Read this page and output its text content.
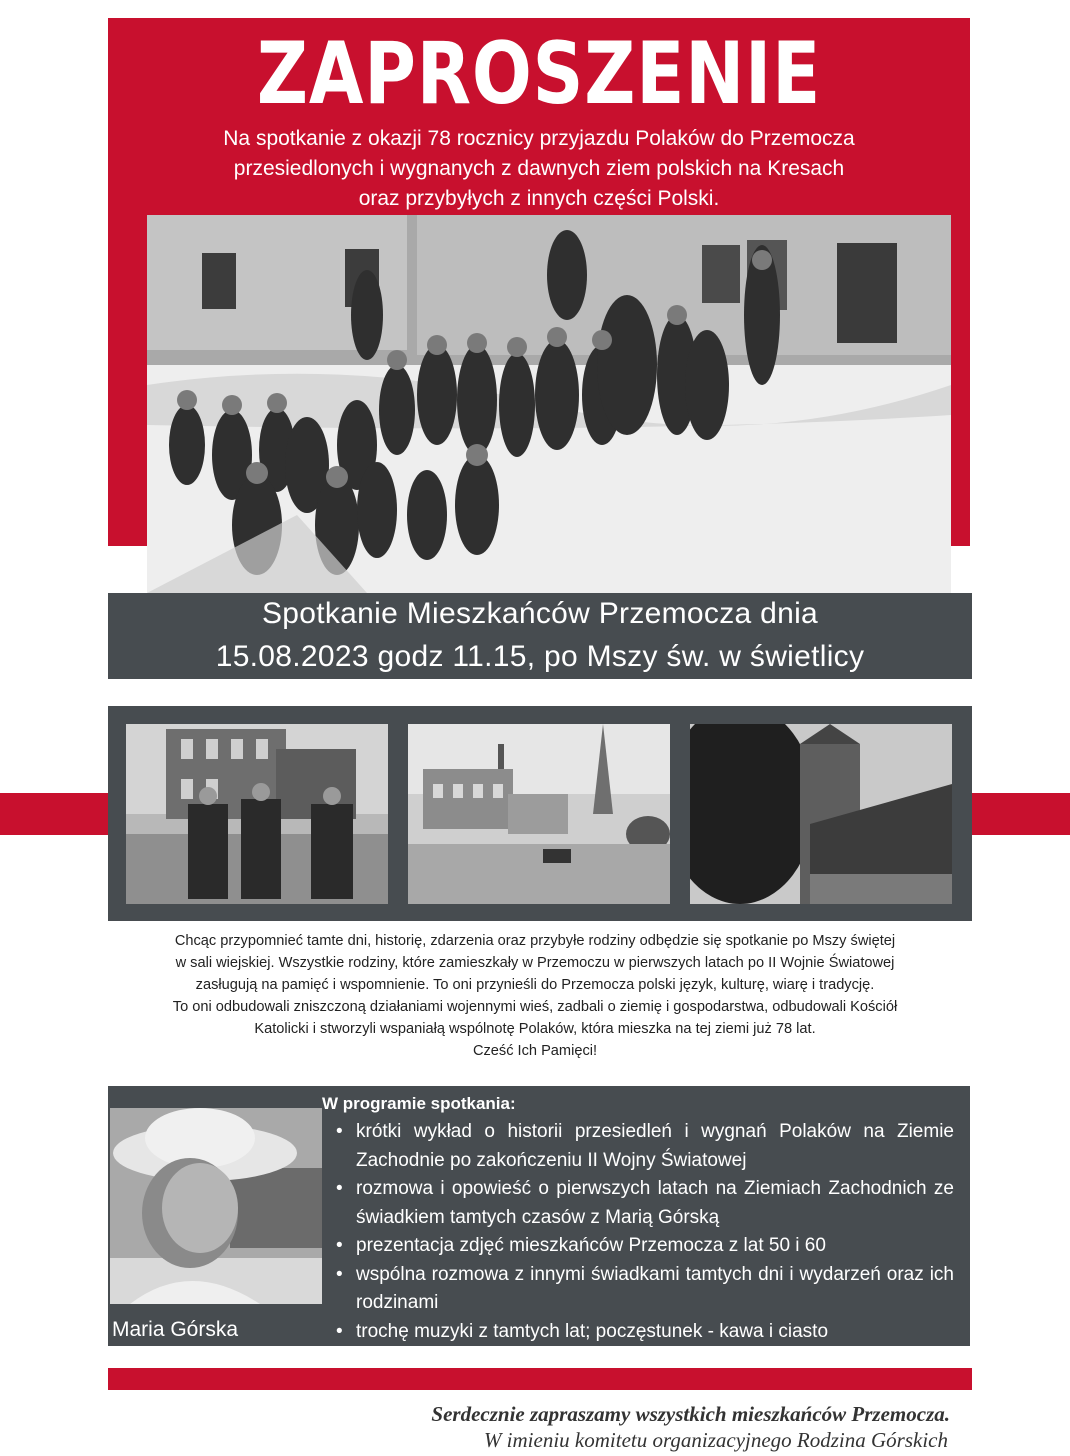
ZAPROSZENIE
Na spotkanie z okazji 78 rocznicy przyjazdu Polaków do Przemocza
przesiedlonych i wygnanych z dawnych ziem polskich na Kresach
oraz przybyłych z innych części Polski.
Spotkanie Mieszkańców Przemocza dnia
15.08.2023 godz 11.15, po Mszy św. w świetlicy
Chcąc przypomnieć tamte dni, historię, zdarzenia oraz przybyłe rodziny odbędzie się spotkanie po Mszy świętej
w sali wiejskiej. Wszystkie rodziny, które zamieszkały w Przemoczu w pierwszych latach po II Wojnie Światowej
zasługują na pamięć i wspomnienie. To oni przynieśli do Przemocza polski język, kulturę, wiarę i tradycję.
To oni odbudowali zniszczoną działaniami wojennymi wieś, zadbali o ziemię i gospodarstwa, odbudowali Kościół
Katolicki i stworzyli wspaniałą wspólnotę Polaków, która mieszka na tej ziemi już 78 lat.
Cześć Ich Pamięci!
Maria Górska
W programie spotkania:
• krótki wykład o historii przesiedleń i wygnań Polaków na Ziemie Zachodnie po zakończeniu II Wojny Światowej
• rozmowa i opowieść o pierwszych latach na Ziemiach Zachodnich ze świadkiem tamtych czasów z Marią Górską
• prezentacja zdjęć mieszkańców Przemocza z lat 50 i 60
• wspólna rozmowa z innymi świadkami tamtych dni i wydarzeń oraz ich rodzinami
• trochę muzyki z tamtych lat; poczęstunek - kawa i ciasto
Serdecznie zapraszamy wszystkich mieszkańców Przemocza.
W imieniu komitetu organizacyjnego Rodzina Górskich
